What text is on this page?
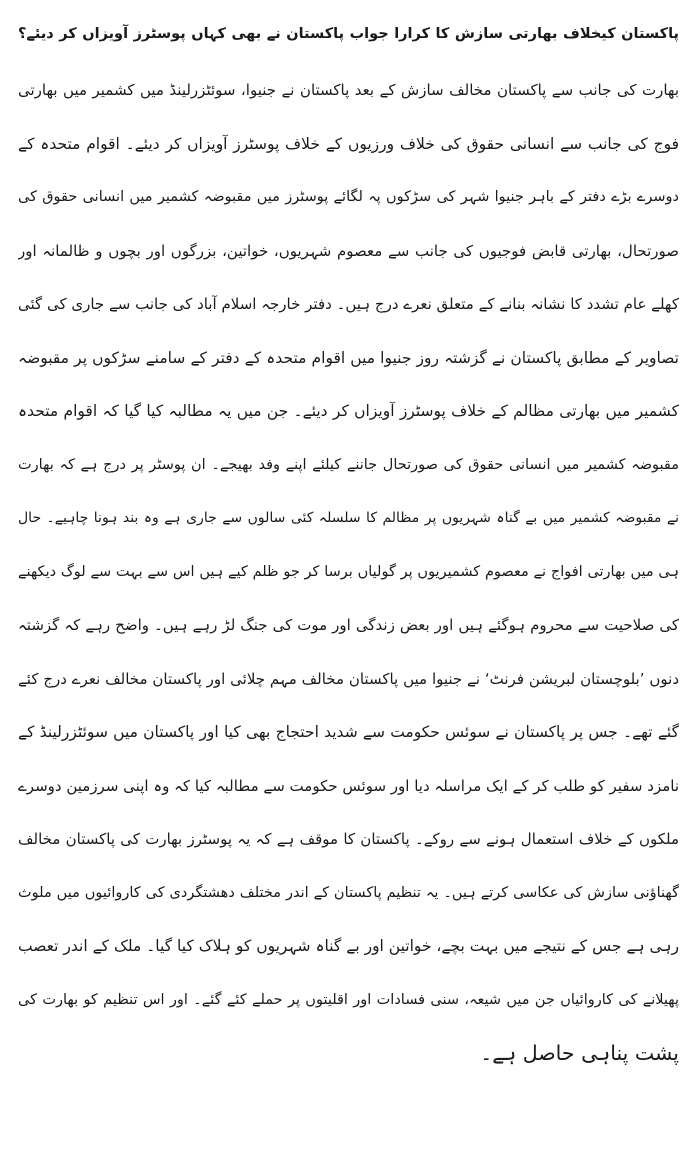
پاکستان کیخلاف بھارتی سازش کا کرارا جواب پاکستان نے بھی کہاں پوسٹرز آویزاں کر دیئے؟
بھارت کی جانب سے پاکستان مخالف سازش کے بعد پاکستان نے جنیوا، سوئٹزرلینڈ میں کشمیر میں بھارتی
فوج کی جانب سے انسانی حقوق کی خلاف ورزیوں کے خلاف پوسٹرز آویزاں کر دیئے۔ اقوام متحدہ کے
دوسرے بڑے دفتر کے باہر جنیوا شہر کی سڑکوں پہ لگائے پوسٹرز میں مقبوضہ کشمیر میں انسانی حقوق کی
صورتحال، بھارتی قابض فوجیوں کی جانب سے معصوم شہریوں، خواتین، بزرگوں اور بچوں و ظالمانہ اور
کھلے عام تشدد کا نشانہ بنانے کے متعلق نعرے درج ہیں۔ دفتر خارجہ اسلام آباد کی جانب سے جاری کی گئی
تصاویر کے مطابق پاکستان نے گزشتہ روز جنیوا میں اقوام متحدہ کے دفتر کے سامنے سڑکوں پر مقبوضہ
کشمیر میں بھارتی مظالم کے خلاف پوسٹرز آویزاں کر دیئے۔ جن میں یہ مطالبہ کیا گیا کہ اقوام متحدہ
مقبوضہ کشمیر میں انسانی حقوق کی صورتحال جاننے کیلئے اپنے وفد بھیجے۔ ان پوسٹر پر درج ہے کہ بھارت
نے مقبوضہ کشمیر میں بے گناہ شہریوں پر مظالم کا سلسلہ کئی سالوں سے جاری ہے وہ بند ہونا چاہیے۔ حال
ہی میں بھارتی افواج نے معصوم کشمیریوں پر گولیاں برسا کر جو ظلم کیے ہیں اس سے بہت سے لوگ دیکھنے
کی صلاحیت سے محروم ہوگئے ہیں اور بعض زندگی اور موت کی جنگ لڑ رہے ہیں۔ واضح رہے کہ گزشتہ
دنوں ’بلوچستان لبریشن فرنٹ‘ نے جنیوا میں پاکستان مخالف مہم چلائی اور پاکستان مخالف نعرے درج کئے
گئے تھے۔ جس پر پاکستان نے سوئس حکومت سے شدید احتجاج بھی کیا اور پاکستان میں سوئٹزرلینڈ کے
نامزد سفیر کو طلب کر کے ایک مراسلہ دیا اور سوئس حکومت سے مطالبہ کیا کہ وہ اپنی سرزمین دوسرے
ملکوں کے خلاف استعمال ہونے سے روکے۔ پاکستان کا موقف ہے کہ یہ پوسٹرز بھارت کی پاکستان مخالف
گھناؤنی سازش کی عکاسی کرتے ہیں۔ یہ تنظیم پاکستان کے اندر مختلف دھشتگردی کی کاروائیوں میں ملوث
رہی ہے جس کے نتیجے میں بہت بچے، خواتین اور بے گناہ شہریوں کو ہلاک کیا گیا۔ ملک کے اندر تعصب
پھیلانے کی کاروائیاں جن میں شیعہ، سنی فسادات اور اقلیتوں پر حملے کئے گئے۔ اور اس تنظیم کو بھارت کی
پشت پناہی حاصل ہے۔
